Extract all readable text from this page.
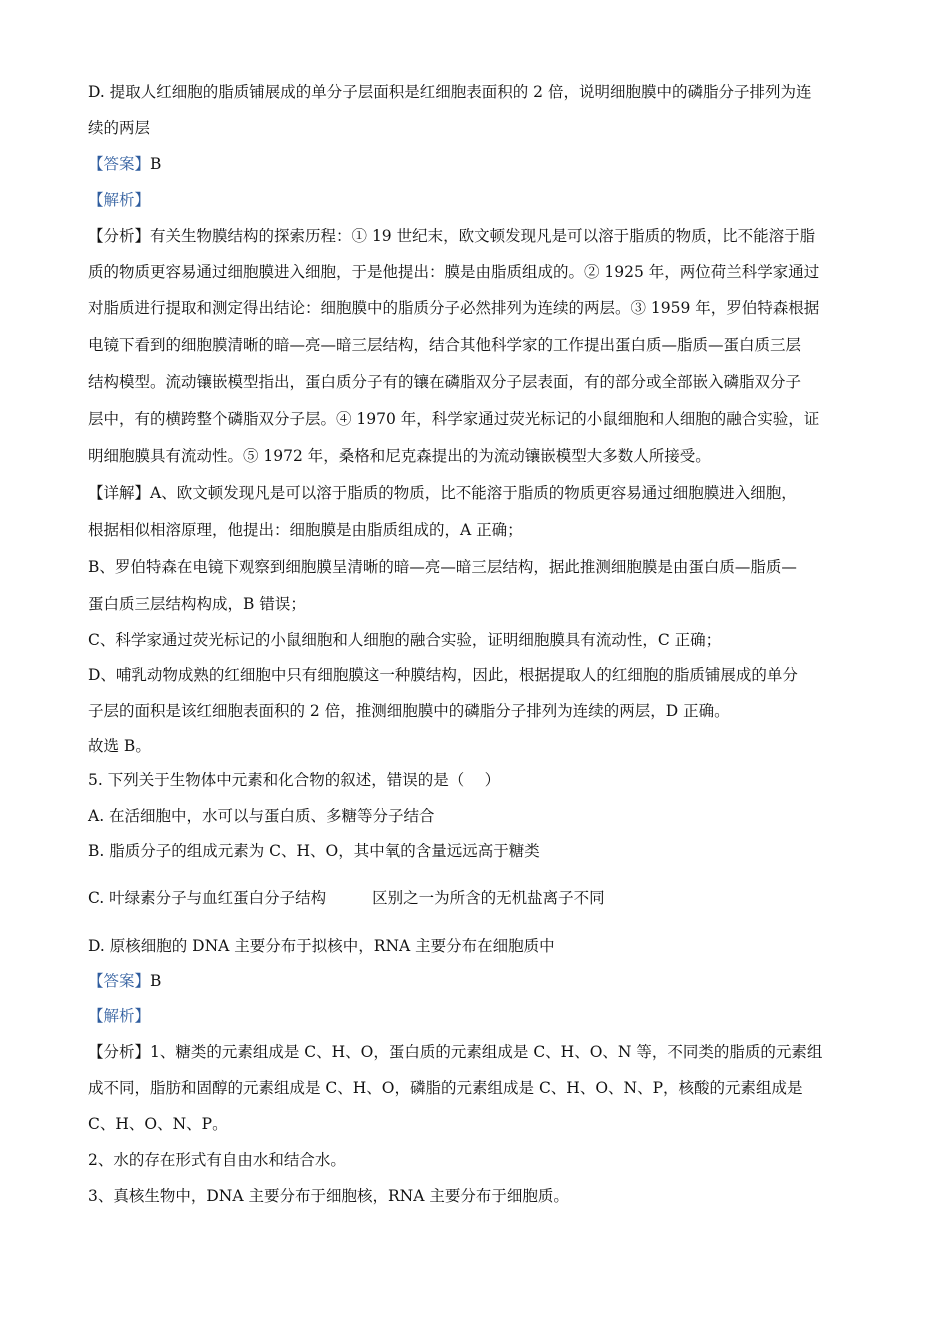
D. 提取人红细胞的脂质铺展成的单分子层面积是红细胞表面积的 2 倍，说明细胞膜中的磷脂分子排列为连
续的两层
【答案】B
【解析】
【分析】有关生物膜结构的探索历程：① 19 世纪末，欧文顿发现凡是可以溶于脂质的物质，比不能溶于脂
质的物质更容易通过细胞膜进入细胞，于是他提出：膜是由脂质组成的。② 1925 年，两位荷兰科学家通过
对脂质进行提取和测定得出结论：细胞膜中的脂质分子必然排列为连续的两层。③ 1959 年，罗伯特森根据
电镜下看到的细胞膜清晰的暗—亮—暗三层结构，结合其他科学家的工作提出蛋白质—脂质—蛋白质三层
结构模型。流动镶嵌模型指出，蛋白质分子有的镶在磷脂双分子层表面，有的部分或全部嵌入磷脂双分子
层中，有的横跨整个磷脂双分子层。④ 1970 年，科学家通过荧光标记的小鼠细胞和人细胞的融合实验，证
明细胞膜具有流动性。⑤ 1972 年，桑格和尼克森提出的为流动镶嵌模型大多数人所接受。
【详解】A、欧文顿发现凡是可以溶于脂质的物质，比不能溶于脂质的物质更容易通过细胞膜进入细胞，
根据相似相溶原理，他提出：细胞膜是由脂质组成的，A 正确；
B、罗伯特森在电镜下观察到细胞膜呈清晰的暗—亮—暗三层结构，据此推测细胞膜是由蛋白质—脂质—
蛋白质三层结构构成，B 错误；
C、科学家通过荧光标记的小鼠细胞和人细胞的融合实验，证明细胞膜具有流动性，C 正确；
D、哺乳动物成熟的红细胞中只有细胞膜这一种膜结构，因此，根据提取人的红细胞的脂质铺展成的单分
子层的面积是该红细胞表面积的 2 倍，推测细胞膜中的磷脂分子排列为连续的两层，D 正确。
故选 B。
5. 下列关于生物体中元素和化合物的叙述，错误的是（　 ）
A. 在活细胞中，水可以与蛋白质、多糖等分子结合
B. 脂质分子的组成元素为 C、H、O，其中氧的含量远远高于糖类
C. 叶绿素分子与血红蛋白分子结构	区别之一为所含的无机盐离子不同
D. 原核细胞的 DNA 主要分布于拟核中，RNA 主要分布在细胞质中
【答案】B
【解析】
【分析】1、糖类的元素组成是 C、H、O，蛋白质的元素组成是 C、H、O、N 等，不同类的脂质的元素组
成不同，脂肪和固醇的元素组成是 C、H、O，磷脂的元素组成是 C、H、O、N、P，核酸的元素组成是
C、H、O、N、P。
2、水的存在形式有自由水和结合水。
3、真核生物中，DNA 主要分布于细胞核，RNA 主要分布于细胞质。
